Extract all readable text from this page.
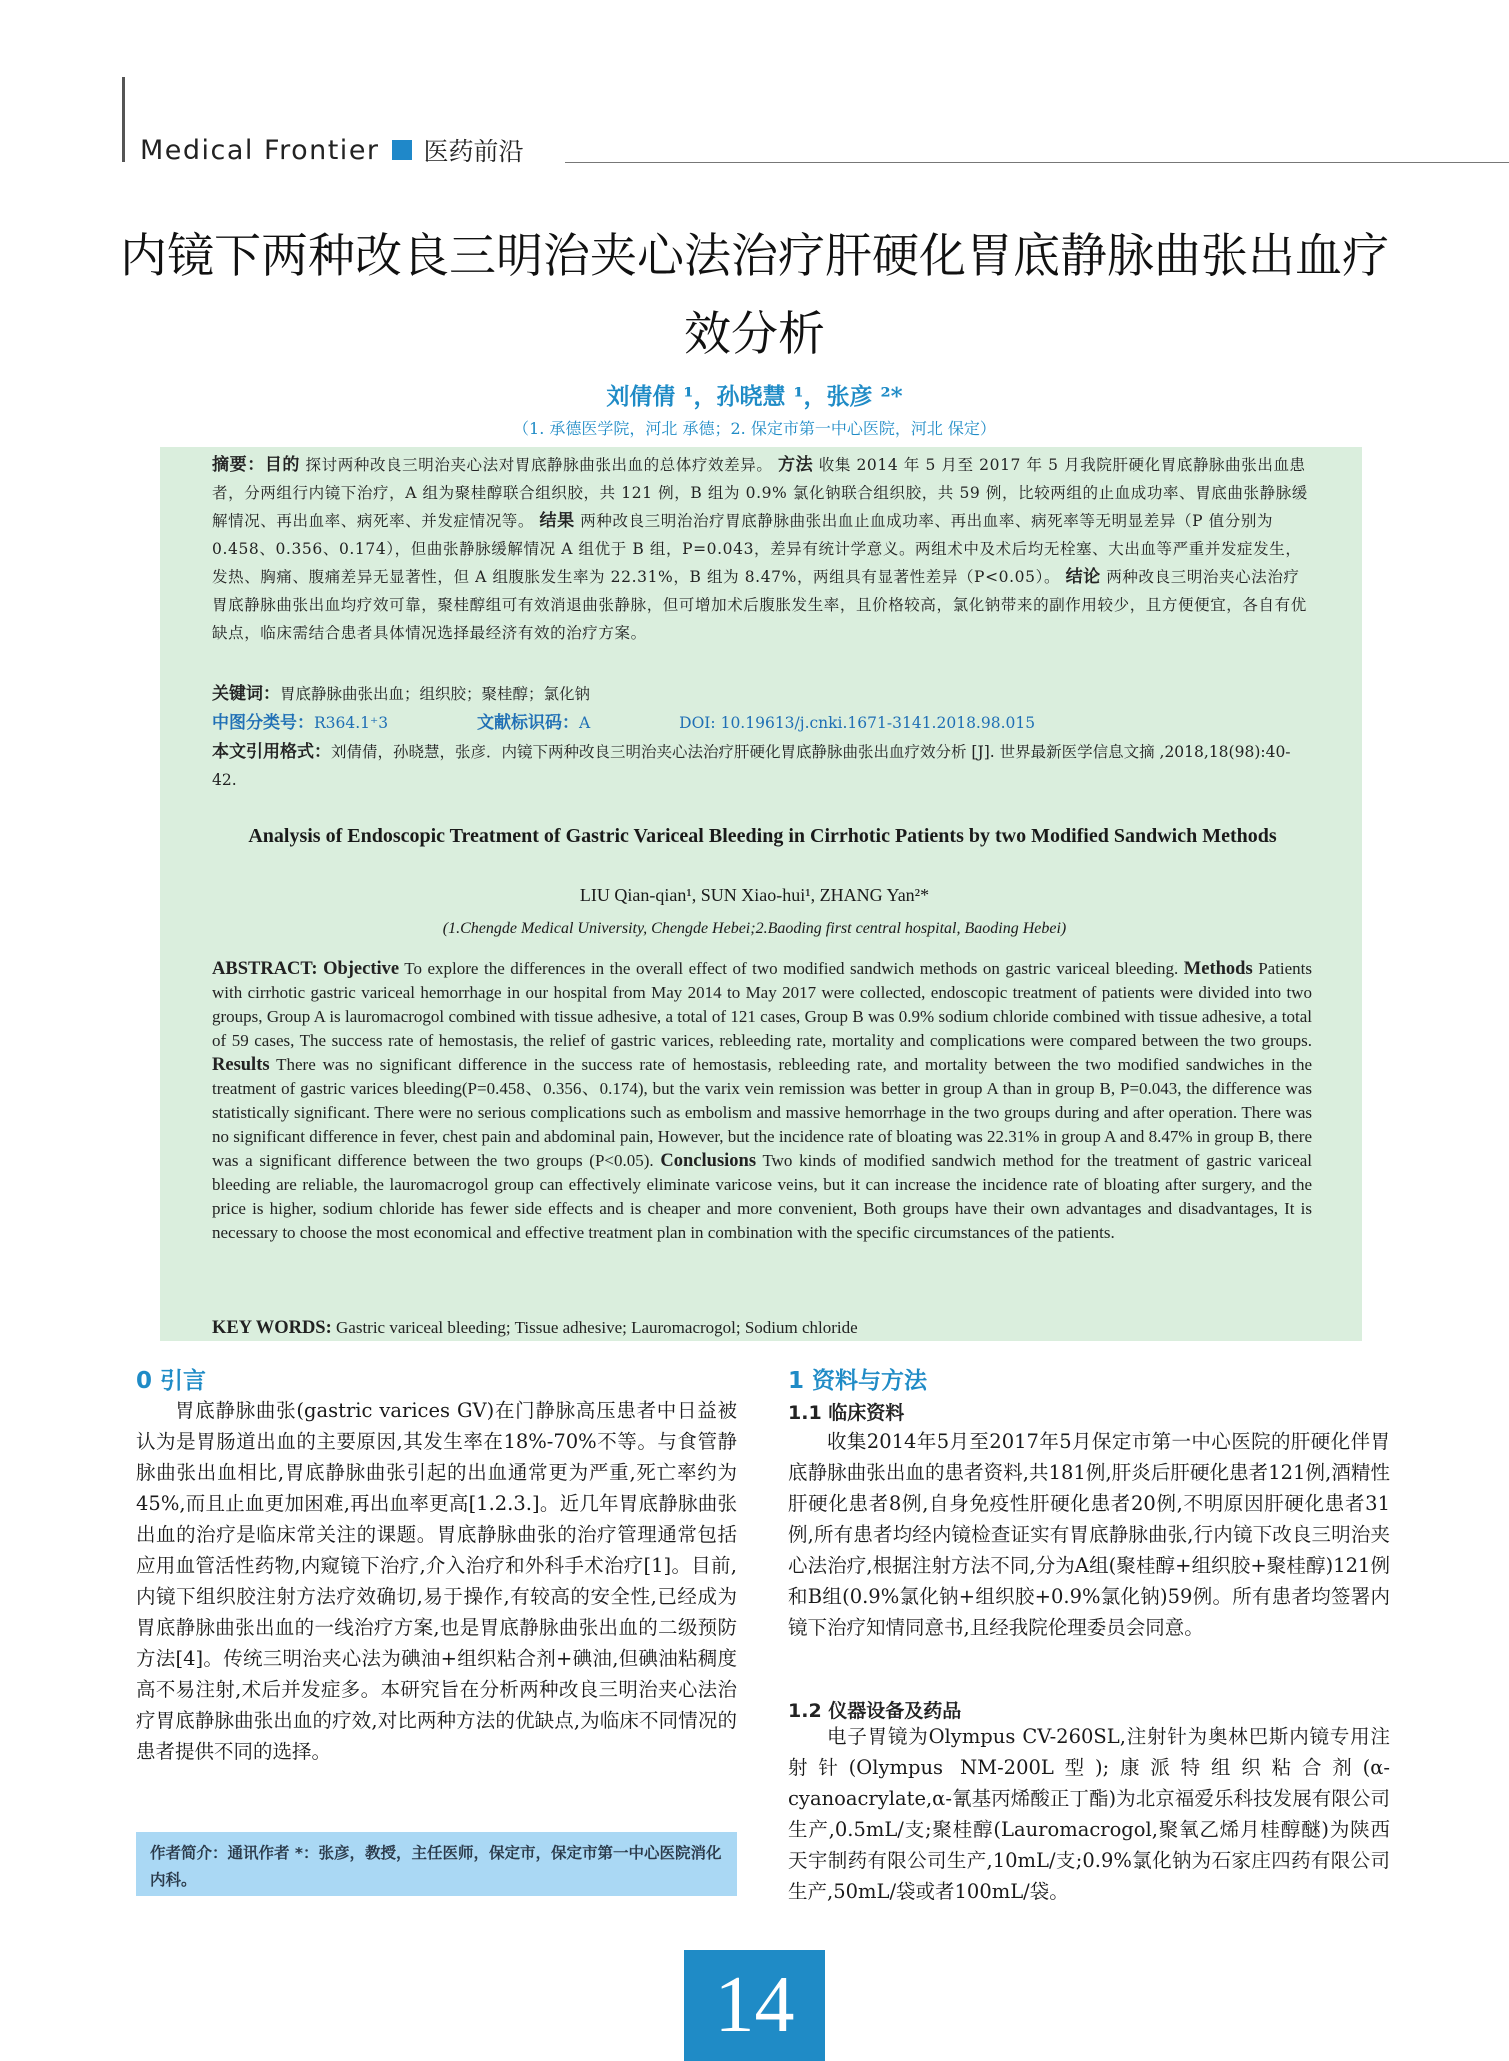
Medical Frontier 医药前沿
内镜下两种改良三明治夹心法治疗肝硬化胃底静脉曲张出血疗效分析
刘倩倩 ¹，孙晓慧 ¹，张彦 ²*
（1. 承德医学院，河北 承德；2. 保定市第一中心医院，河北 保定）
摘要：目的 探讨两种改良三明治夹心法对胃底静脉曲张出血的总体疗效差异。 方法 收集 2014 年 5 月至 2017 年 5 月我院肝硬化胃底静脉曲张出血患者，分两组行内镜下治疗，A 组为聚桂醇联合组织胶，共 121 例，B 组为 0.9% 氯化钠联合组织胶，共 59 例，比较两组的止血成功率、胃底曲张静脉缓解情况、再出血率、病死率、并发症情况等。 结果 两种改良三明治治疗胃底静脉曲张出血止血成功率、再出血率、病死率等无明显差异（P 值分别为 0.458、0.356、0.174），但曲张静脉缓解情况 A 组优于 B 组，P=0.043，差异有统计学意义。两组术中及术后均无栓塞、大出血等严重并发症发生，发热、胸痛、腹痛差异无显著性，但 A 组腹胀发生率为 22.31%，B 组为 8.47%，两组具有显著性差异（P<0.05）。 结论 两种改良三明治夹心法治疗胃底静脉曲张出血均疗效可靠，聚桂醇组可有效消退曲张静脉，但可增加术后腹胀发生率，且价格较高，氯化钠带来的副作用较少，且方便便宜，各自有优缺点，临床需结合患者具体情况选择最经济有效的治疗方案。
关键词：胃底静脉曲张出血；组织胶；聚桂醇；氯化钠
中图分类号：R364.1⁺3	文献标识码：A	DOI: 10.19613/j.cnki.1671-3141.2018.98.015
本文引用格式：刘倩倩，孙晓慧，张彦．内镜下两种改良三明治夹心法治疗肝硬化胃底静脉曲张出血疗效分析 [J]. 世界最新医学信息文摘 ,2018,18(98):40-42.
Analysis of Endoscopic Treatment of Gastric Variceal Bleeding in Cirrhotic Patients by two Modified Sandwich Methods
LIU Qian-qian¹, SUN Xiao-hui¹, ZHANG Yan²*
(1.Chengde Medical University, Chengde Hebei;2.Baoding first central hospital, Baoding Hebei)
ABSTRACT: Objective To explore the differences in the overall effect of two modified sandwich methods on gastric variceal bleeding. Methods Patients with cirrhotic gastric variceal hemorrhage in our hospital from May 2014 to May 2017 were collected, endoscopic treatment of patients were divided into two groups, Group A is lauromacrogol combined with tissue adhesive, a total of 121 cases, Group B was 0.9% sodium chloride combined with tissue adhesive, a total of 59 cases, The success rate of hemostasis, the relief of gastric varices, rebleeding rate, mortality and complications were compared between the two groups. Results There was no significant difference in the success rate of hemostasis, rebleeding rate, and mortality between the two modified sandwiches in the treatment of gastric varices bleeding(P=0.458、0.356、0.174), but the varix vein remission was better in group A than in group B, P=0.043, the difference was statistically significant. There were no serious complications such as embolism and massive hemorrhage in the two groups during and after operation. There was no significant difference in fever, chest pain and abdominal pain, However, but the incidence rate of bloating was 22.31% in group A and 8.47% in group B, there was a significant difference between the two groups (P<0.05). Conclusions Two kinds of modified sandwich method for the treatment of gastric variceal bleeding are reliable, the lauromacrogol group can effectively eliminate varicose veins, but it can increase the incidence rate of bloating after surgery, and the price is higher, sodium chloride has fewer side effects and is cheaper and more convenient, Both groups have their own advantages and disadvantages, It is necessary to choose the most economical and effective treatment plan in combination with the specific circumstances of the patients.
KEY WORDS: Gastric variceal bleeding; Tissue adhesive; Lauromacrogol; Sodium chloride
0 引言

胃底静脉曲张(gastric varices GV)在门静脉高压患者中日益被认为是胃肠道出血的主要原因,其发生率在18%-70%不等。与食管静脉曲张出血相比,胃底静脉曲张引起的出血通常更为严重,死亡率约为45%,而且止血更加困难,再出血率更高[1.2.3.]。近几年胃底静脉曲张出血的治疗是临床常关注的课题。胃底静脉曲张的治疗管理通常包括应用血管活性药物,内窥镜下治疗,介入治疗和外科手术治疗[1]。目前,内镜下组织胶注射方法疗效确切,易于操作,有较高的安全性,已经成为胃底静脉曲张出血的一线治疗方案,也是胃底静脉曲张出血的二级预防方法[4]。传统三明治夹心法为碘油+组织粘合剂+碘油,但碘油粘稠度高不易注射,术后并发症多。本研究旨在分析两种改良三明治夹心法治疗胃底静脉曲张出血的疗效,对比两种方法的优缺点,为临床不同情况的患者提供不同的选择。

作者简介：通讯作者 *：张彦，教授，主任医师，保定市，保定市第一中心医院消化内科。
1 资料与方法
1.1 临床资料

收集2014年5月至2017年5月保定市第一中心医院的肝硬化伴胃底静脉曲张出血的患者资料,共181例,肝炎后肝硬化患者121例,酒精性肝硬化患者8例,自身免疫性肝硬化患者20例,不明原因肝硬化患者31例,所有患者均经内镜检查证实有胃底静脉曲张,行内镜下改良三明治夹心法治疗,根据注射方法不同,分为A组(聚桂醇+组织胶+聚桂醇)121例和B组(0.9%氯化钠+组织胶+0.9%氯化钠)59例。所有患者均签署内镜下治疗知情同意书,且经我院伦理委员会同意。

1.2 仪器设备及药品

电子胃镜为Olympus CV-260SL,注射针为奥林巴斯内镜专用注射针(Olympus NM-200L型);康派特组织粘合剂(α-cyanoacrylate,α-氰基丙烯酸正丁酯)为北京福爱乐科技发展有限公司生产,0.5mL/支;聚桂醇(Lauromacrogol,聚氧乙烯月桂醇醚)为陕西天宇制药有限公司生产,10mL/支;0.9%氯化钠为石家庄四药有限公司生产,50mL/袋或者100mL/袋。

14
